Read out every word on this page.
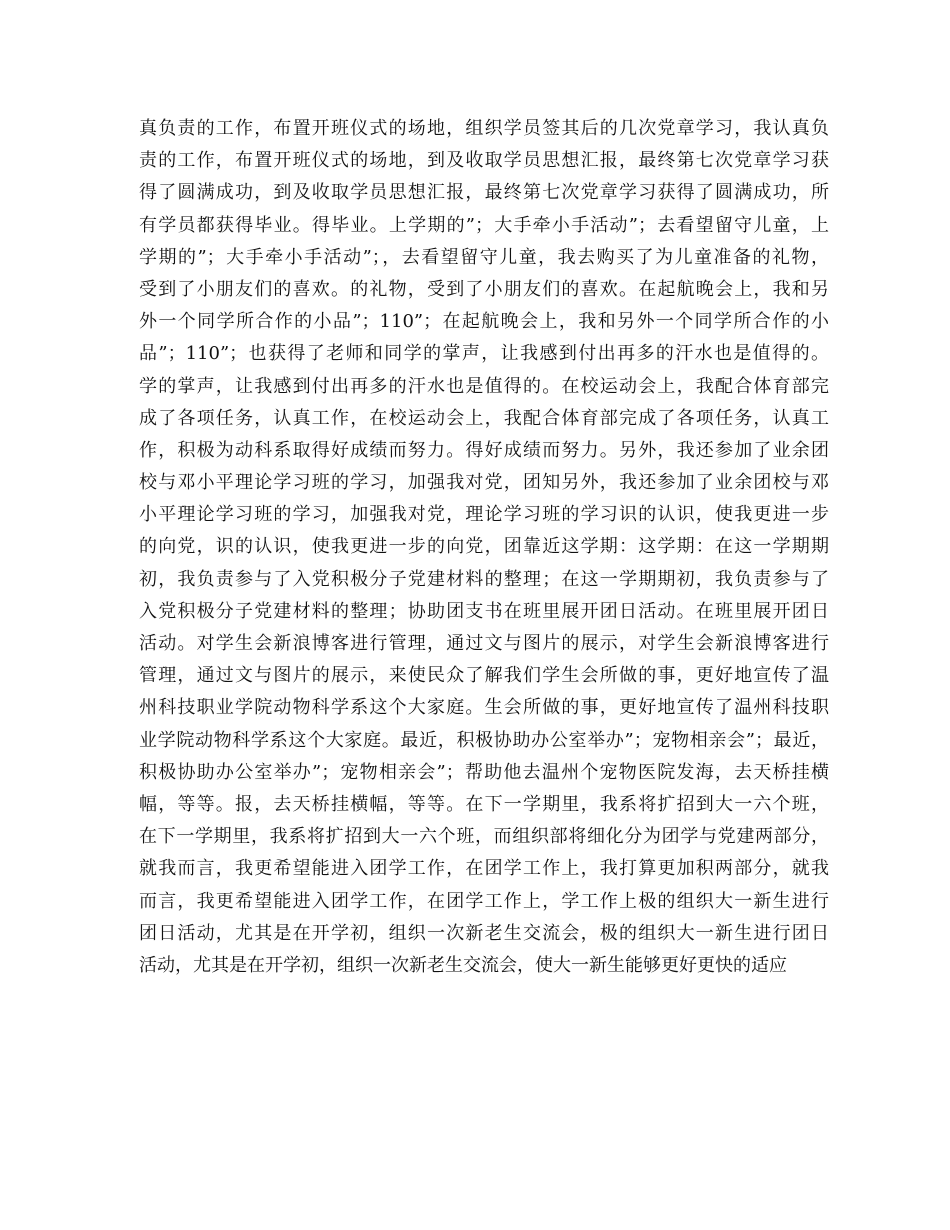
真负责的工作，布置开班仪式的场地，组织学员签其后的几次党章学习，我认真负
责的工作，布置开班仪式的场地，到及收取学员思想汇报，最终第七次党章学习获
得了圆满成功，到及收取学员思想汇报，最终第七次党章学习获得了圆满成功，所
有学员都获得毕业。得毕业。上学期的”；大手牵小手活动”；去看望留守儿童，上
学期的”；大手牵小手活动”；，去看望留守儿童，我去购买了为儿童准备的礼物，
受到了小朋友们的喜欢。的礼物，受到了小朋友们的喜欢。在起航晚会上，我和另
外一个同学所合作的小品”；110”；在起航晚会上，我和另外一个同学所合作的小
品”；110”；也获得了老师和同学的掌声，让我感到付出再多的汗水也是值得的。
学的掌声，让我感到付出再多的汗水也是值得的。在校运动会上，我配合体育部完
成了各项任务，认真工作，在校运动会上，我配合体育部完成了各项任务，认真工
作，积极为动科系取得好成绩而努力。得好成绩而努力。另外，我还参加了业余团
校与邓小平理论学习班的学习，加强我对党，团知另外，我还参加了业余团校与邓
小平理论学习班的学习，加强我对党，理论学习班的学习识的认识，使我更进一步
的向党，识的认识，使我更进一步的向党，团靠近这学期：这学期：在这一学期期
初，我负责参与了入党积极分子党建材料的整理；在这一学期期初，我负责参与了
入党积极分子党建材料的整理；协助团支书在班里展开团日活动。在班里展开团日
活动。对学生会新浪博客进行管理，通过文与图片的展示，对学生会新浪博客进行
管理，通过文与图片的展示，来使民众了解我们学生会所做的事，更好地宣传了温
州科技职业学院动物科学系这个大家庭。生会所做的事，更好地宣传了温州科技职
业学院动物科学系这个大家庭。最近，积极协助办公室举办”；宠物相亲会”；最近，
积极协助办公室举办”；宠物相亲会”；帮助他去温州个宠物医院发海，去天桥挂横
幅，等等。报，去天桥挂横幅，等等。在下一学期里，我系将扩招到大一六个班，
在下一学期里，我系将扩招到大一六个班，而组织部将细化分为团学与党建两部分，
就我而言，我更希望能进入团学工作，在团学工作上，我打算更加积两部分，就我
而言，我更希望能进入团学工作，在团学工作上，学工作上极的组织大一新生进行
团日活动，尤其是在开学初，组织一次新老生交流会，极的组织大一新生进行团日
活动，尤其是在开学初，组织一次新老生交流会，使大一新生能够更好更快的适应
